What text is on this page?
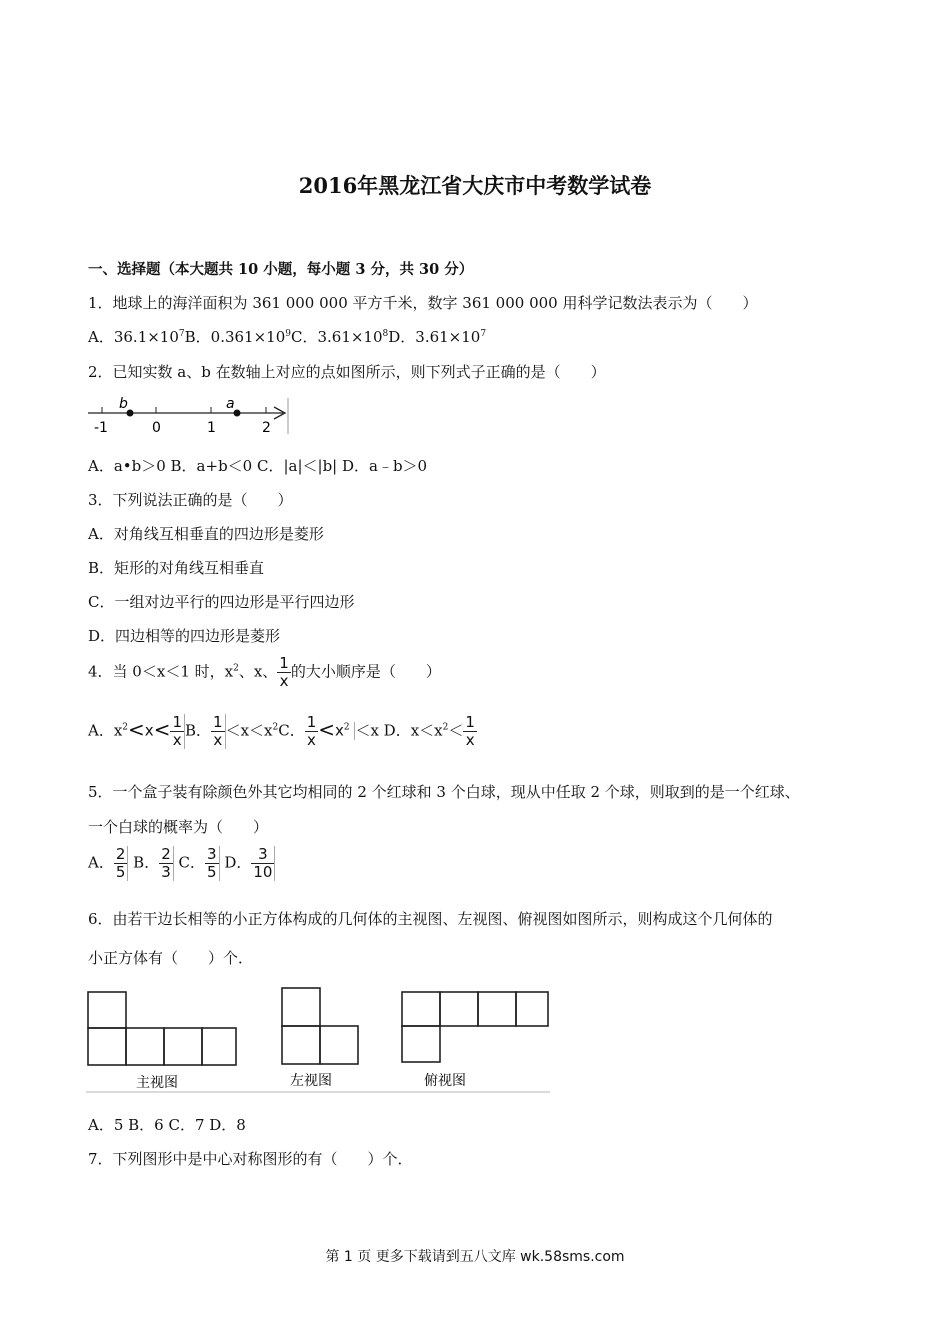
2016年黑龙江省大庆市中考数学试卷
一、选择题（本大题共 10 小题，每小题 3 分，共 30 分）
1．地球上的海洋面积为 361 000 000 平方千米，数字 361 000 000 用科学记数法表示为（　　）
A．$36.1\times 10^7B$．$0.361\times 10^9C$．$3.61\times 10^8D$．$3.61\times 10^7$
2．已知实数 a、b 在数轴上对应的点如图所示，则下列式子正确的是（　　）
b	a
-1	0	1	2
A．a•b＞0 B．a+b＜0 C．|a|＜|b| D．a﹣b＞0
3．下列说法正确的是（　　）
A．对角线互相垂直的四边形是菱形
B．矩形的对角线互相垂直
C．一组对边平行的四边形是平行四边形
D．四边相等的四边形是菱形
4．当 0＜x＜1 时，$x^2$、x、 $\frac{1}{x}$ 的大小顺序是（　　）
A．$x^2<x< \frac{1}{x}$ B． $\frac{1}{x} <x<x^2C$． $\frac{1}{x} <x^2 <x$ D．$x<x^2< \frac{1}{x}$
5．一个盒子装有除颜色外其它均相同的 2 个红球和 3 个白球，现从中任取 2 个球，则取到的是一个红球、
一个白球的概率为（　　）
A． $\frac{2}{5}$ B． $\frac{2}{3}$ C． $\frac{3}{5}$ D． $\frac{3}{10}$
6．由若干边长相等的小正方体构成的几何体的主视图、左视图、俯视图如图所示，则构成这个几何体的
小正方体有（　　）个．
主视图	左视图	俯视图
A．5 B．6 C．7 D．8
7．下列图形中是中心对称图形的有（　　）个．
第 1 页 更多下载请到五八文库 wk.58sms.com
